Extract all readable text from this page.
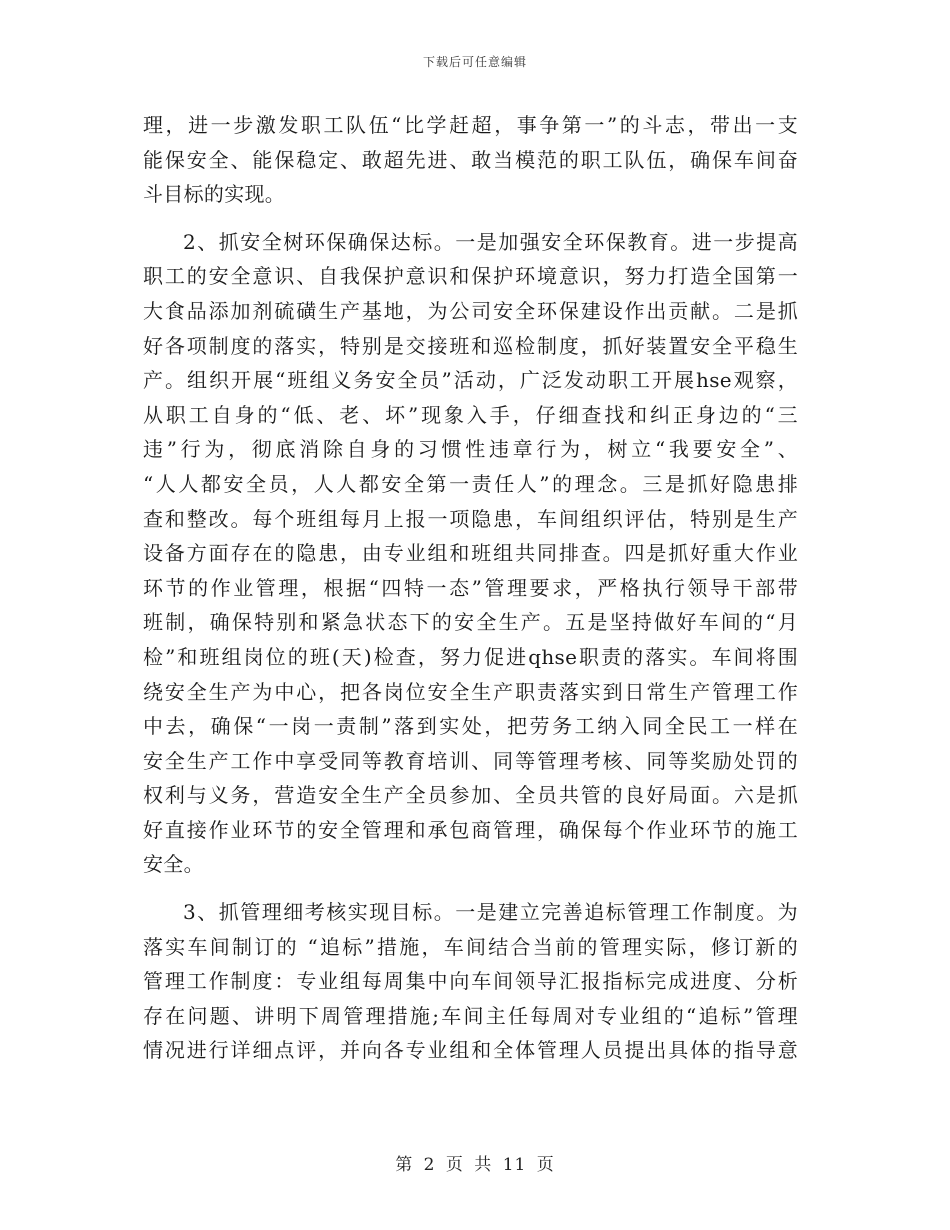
下载后可任意编辑
理，进一步激发职工队伍“比学赶超，事争第一”的斗志，带出一支
能保安全、能保稳定、敢超先进、敢当模范的职工队伍，确保车间奋
斗目标的实现。
2、抓安全树环保确保达标。一是加强安全环保教育。进一步提高
职工的安全意识、自我保护意识和保护环境意识，努力打造全国第一
大食品添加剂硫磺生产基地，为公司安全环保建设作出贡献。二是抓
好各项制度的落实，特别是交接班和巡检制度，抓好装置安全平稳生
产。组织开展“班组义务安全员”活动，广泛发动职工开展hse观察，
从职工自身的“低、老、坏”现象入手，仔细查找和纠正身边的“三
违”行为，彻底消除自身的习惯性违章行为，树立“我要安全”、
“人人都安全员，人人都安全第一责任人”的理念。三是抓好隐患排
查和整改。每个班组每月上报一项隐患，车间组织评估，特别是生产
设备方面存在的隐患，由专业组和班组共同排查。四是抓好重大作业
环节的作业管理，根据“四特一态”管理要求，严格执行领导干部带
班制，确保特别和紧急状态下的安全生产。五是坚持做好车间的“月
检”和班组岗位的班(天)检查，努力促进qhse职责的落实。车间将围
绕安全生产为中心，把各岗位安全生产职责落实到日常生产管理工作
中去，确保“一岗一责制”落到实处，把劳务工纳入同全民工一样在
安全生产工作中享受同等教育培训、同等管理考核、同等奖励处罚的
权利与义务，营造安全生产全员参加、全员共管的良好局面。六是抓
好直接作业环节的安全管理和承包商管理，确保每个作业环节的施工
安全。
3、抓管理细考核实现目标。一是建立完善追标管理工作制度。为
落实车间制订的 “追标”措施，车间结合当前的管理实际，修订新的
管理工作制度：专业组每周集中向车间领导汇报指标完成进度、分析
存在问题、讲明下周管理措施;车间主任每周对专业组的“追标”管理
情况进行详细点评，并向各专业组和全体管理人员提出具体的指导意
第 2 页 共 11 页
